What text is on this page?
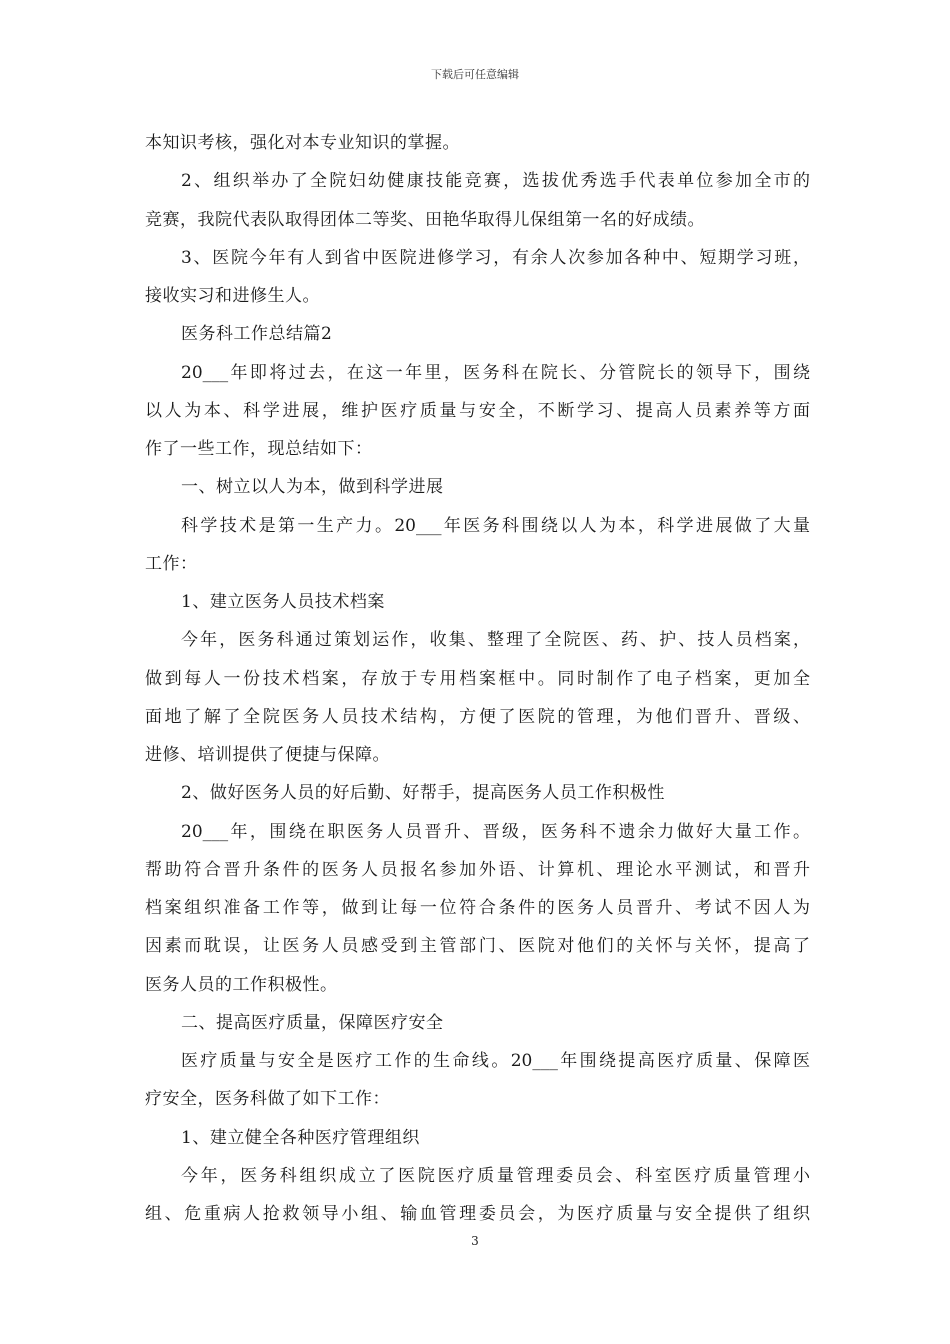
下载后可任意编辑
本知识考核，强化对本专业知识的掌握。
2、组织举办了全院妇幼健康技能竞赛，选拔优秀选手代表单位参加全市的
竞赛，我院代表队取得团体二等奖、田艳华取得儿保组第一名的好成绩。
3、医院今年有人到省中医院进修学习，有余人次参加各种中、短期学习班，
接收实习和进修生人。
医务科工作总结篇2
20___年即将过去，在这一年里，医务科在院长、分管院长的领导下，围绕
以人为本、科学进展，维护医疗质量与安全，不断学习、提高人员素养等方面
作了一些工作，现总结如下：
一、树立以人为本，做到科学进展
科学技术是第一生产力。20___年医务科围绕以人为本，科学进展做了大量
工作：
1、建立医务人员技术档案
今年，医务科通过策划运作，收集、整理了全院医、药、护、技人员档案，
做到每人一份技术档案，存放于专用档案框中。同时制作了电子档案，更加全
面地了解了全院医务人员技术结构，方便了医院的管理，为他们晋升、晋级、
进修、培训提供了便捷与保障。
2、做好医务人员的好后勤、好帮手，提高医务人员工作积极性
20___年，围绕在职医务人员晋升、晋级，医务科不遗余力做好大量工作。
帮助符合晋升条件的医务人员报名参加外语、计算机、理论水平测试，和晋升
档案组织准备工作等，做到让每一位符合条件的医务人员晋升、考试不因人为
因素而耽误，让医务人员感受到主管部门、医院对他们的关怀与关怀，提高了
医务人员的工作积极性。
二、提高医疗质量，保障医疗安全
医疗质量与安全是医疗工作的生命线。20___年围绕提高医疗质量、保障医
疗安全，医务科做了如下工作：
1、建立健全各种医疗管理组织
今年，医务科组织成立了医院医疗质量管理委员会、科室医疗质量管理小
组、危重病人抢救领导小组、输血管理委员会，为医疗质量与安全提供了组织
3
